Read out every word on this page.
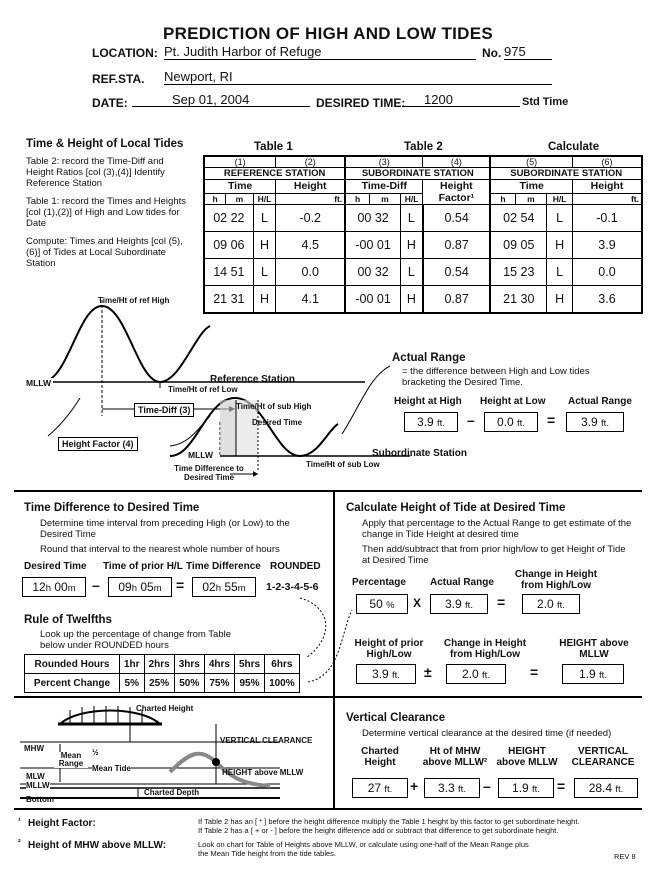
PREDICTION OF HIGH AND LOW TIDES
LOCATION: Pt. Judith Harbor of Refuge	No. 975
REF.STA. Newport, RI
DATE:	Sep 01, 2004	DESIRED TIME:	1200	Std Time
Time & Height of Local Tides
Table 2: record the Time-Diff and Height Ratios [col (3),(4)] Identify Reference Station
Table 1: record the Times and Heights [col (1),(2)] of High and Low tides for Date
Compute: Times and Heights [col (5),(6)] of Tides at Local Subordinate Station
Table 1	Table 2	Calculate
(1)			(2)	(3)			(4)	(5)			(6)
REFERENCE STATION				SUBORDINATE STATION				SUBORDINATE STATION			
Time			Height	Time-Diff			Height Factor¹	Time			Height
h	m	H/L	ft.	h	m	H/L		h	m	H/L	ft.
02 22		L	-0.2	00 32		L	0.54	02 54		L	-0.1
09 06		H	4.5	-00 01		H	0.87	09 05		H	3.9
14 51		L	0.0	00 32		L	0.54	15 23		L	0.0
21 31		H	4.1	-00 01		H	0.87	21 30		H	3.6
Time/Ht of ref High
MLLW	Reference Station
Time/Ht of ref Low
Time-Diff (3)	Time/Ht of sub High
Desired Time
Height Factor (4)
MLLW	Subordinate Station
Time/Ht of sub Low
Time Difference to Desired Time
Actual Range
= the difference between High and Low tides bracketing the Desired Time.
Height at High Height at Low Actual Range
3.9 ft.	–	0.0 ft.	=	3.9 ft.
Time Difference to Desired Time
Determine time interval from preceding High (or Low) to the Desired Time
Round that interval to the nearest whole number of hours
Desired Time Time of prior H/L Time Difference ROUNDED
12h 00m	–	09h 05m	=	02h 55m	1-2-3-4-5-6
Rule of Twelfths
Look up the percentage of change from Table below under ROUNDED hours
Rounded Hours	1hr	2hrs	3hrs	4hrs	5hrs	6hrs
Percent Change	5%	25%	50%	75%	95%	100%
Calculate Height of Tide at Desired Time
Apply that percentage to the Actual Range to get estimate of the change in Tide Height at desired time
Then add/subtract that from prior high/low to get Height of Tide at Desired Time
Percentage Actual Range
Change in Height from High/Low
50 %	X	3.9 ft.	=	2.0 ft.
Height of prior High/Low
Change in Height from High/Low
HEIGHT above MLLW
3.9 ft.	±	2.0 ft.	=	1.9 ft.
Charted Height
VERTICAL CLEARANCE
MHW	½
Mean Range
Mean Tide	HEIGHT above MLLW
MLW
MLLW
Charted Depth
Bottom
Vertical Clearance
Determine vertical clearance at the desired time (if needed)
Charted Height
Ht of MHW above MLLW²
HEIGHT above MLLW
VERTICAL CLEARANCE
27 ft.	+	3.3 ft.	–	1.9 ft.	=	28.4 ft.
¹ Height Factor:	If Table 2 has an [ * ] before the height difference multiply the Table 1 height by this factor to get subordinate height.
If Table 2 has a [ + or - ] before the height difference add or subtract that difference to get subordinate height.
² Height of MHW above MLLW:	Look on chart for Table of Heights above MLLW, or calculate using one-half of the Mean Range plus
the Mean Tide height from the tide tables.	REV 8
